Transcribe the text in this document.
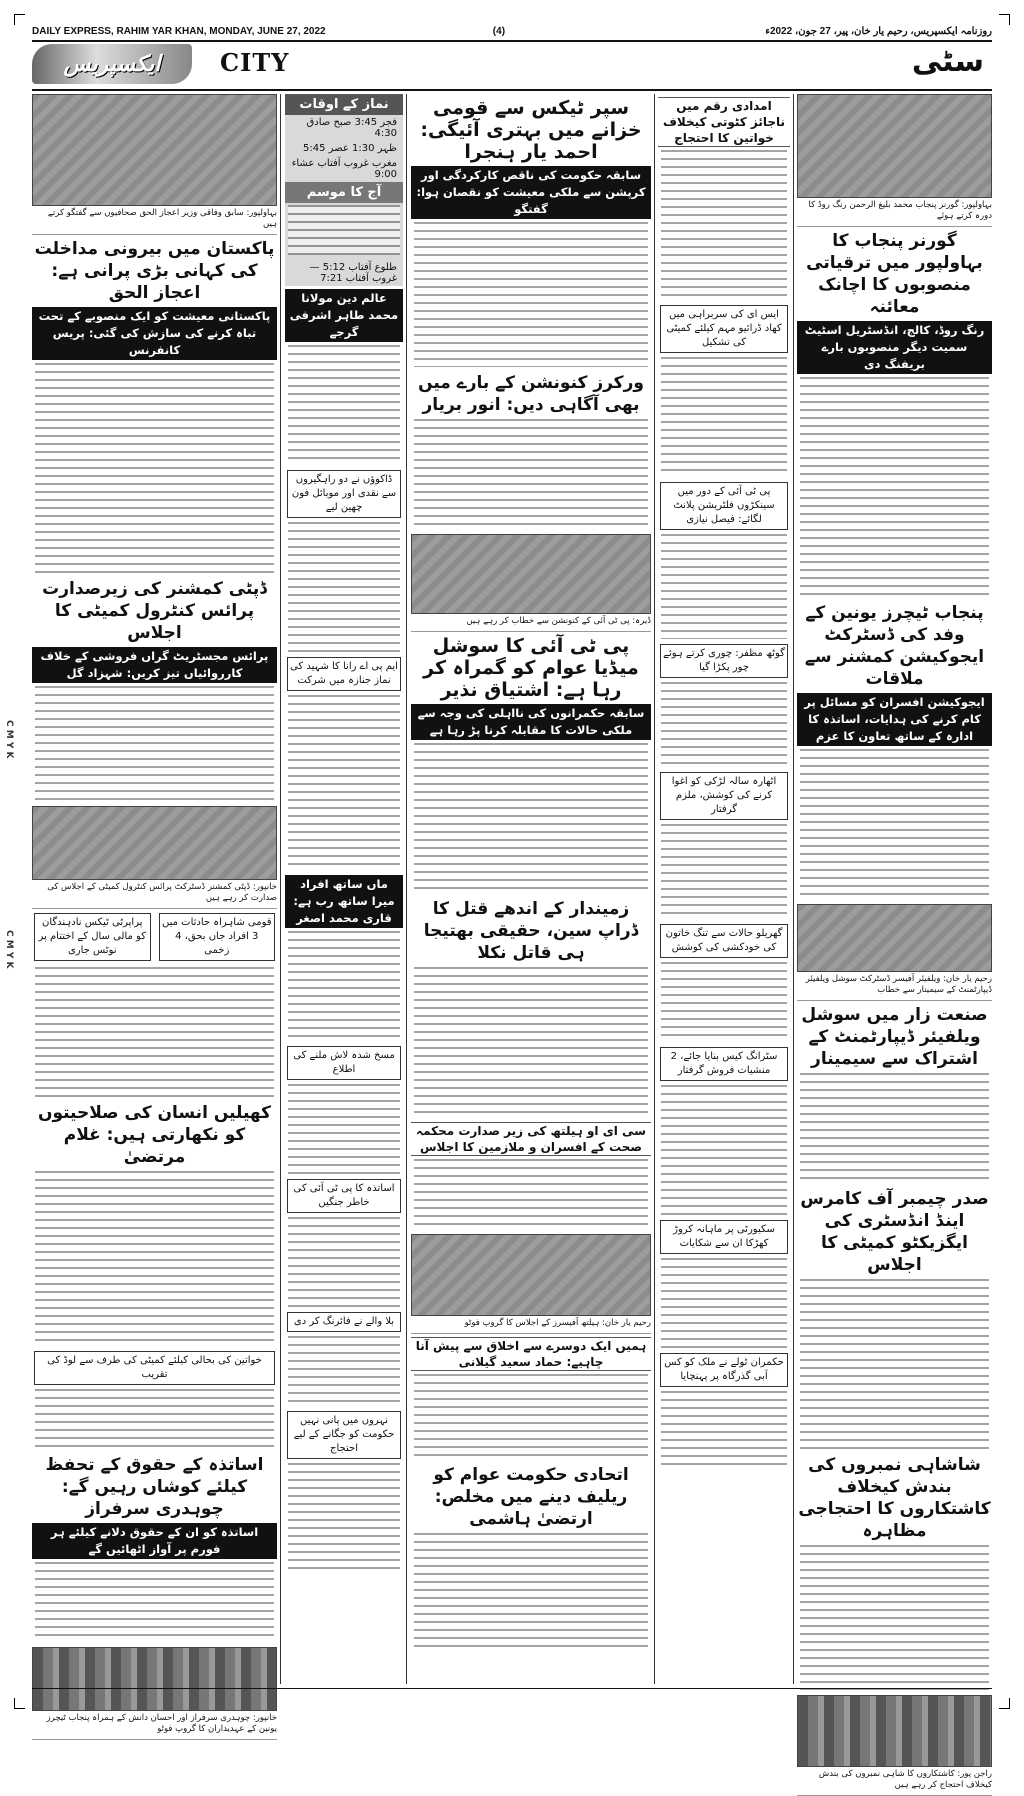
C M Y K
C M Y K
DAILY EXPRESS, RAHIM YAR KHAN, MONDAY, JUNE 27, 2022	(4)	روزنامہ ایکسپریس، رحیم یار خان، پیر، 27 جون، 2022ء
ایکسپریس CITY	سٹی
بہاولپور: گورنر پنجاب محمد بلیغ الرحمن رنگ روڈ کا دورہ کرتے ہوئے
گورنر پنجاب کا بہاولپور میں ترقیاتی منصوبوں کا اچانک معائنہ
رنگ روڈ، کالج، انڈسٹریل اسٹیٹ سمیت دیگر منصوبوں بارے بریفنگ دی
پنجاب ٹیچرز یونین کے وفد کی ڈسٹرکٹ ایجوکیشن کمشنر سے ملاقات
ایجوکیشن افسران کو مسائل پر کام کرنے کی ہدایات، اساتذہ کا ادارہ کے ساتھ تعاون کا عزم
رحیم یار خان: ویلفیئر آفیسر ڈسٹرکٹ سوشل ویلفیئر ڈیپارٹمنٹ کے سیمینار سے خطاب
صنعت زار میں سوشل ویلفیئر ڈیپارٹمنٹ کے اشتراک سے سیمینار
صدر چیمبر آف کامرس اینڈ انڈسٹری کی ایگزیکٹو کمیٹی کا اجلاس
شاشاہی نمبروں کی بندش کیخلاف کاشتکاروں کا احتجاجی مظاہرہ
راجن پور: کاشتکاروں کا شاہی نمبروں کی بندش کیخلاف احتجاج کر رہے ہیں
امدادی رقم میں ناجائز کٹوتی کیخلاف خواتین کا احتجاج
ایس ای کی سربراہی میں کھاد ڈرائیو مہم کیلئے کمیٹی کی تشکیل
پی ٹی آئی کے دور میں سینکڑوں فلٹریشن پلانٹ لگائے: فیصل نیازی
گوٹھ مظفر: چوری کرتے ہوئے چور پکڑا گیا
اٹھارہ سالہ لڑکی کو اغوا کرنے کی کوشش، ملزم گرفتار
گھریلو حالات سے تنگ خاتون کی خودکشی کی کوشش
سٹرانگ کیس بنایا جائے، 2 منشیات فروش گرفتار
سکیورٹی پر ماہانہ کروڑ کھڑکا ان سے شکایات
حکمران ٹولے نے ملک کو کس آبی گذرگاہ پر پہنچایا
سپر ٹیکس سے قومی خزانے میں بہتری آئیگی: احمد یار ہنجرا
سابقہ حکومت کی ناقص کارکردگی اور کرپشن سے ملکی معیشت کو نقصان ہوا: گفتگو
ورکرز کنونشن کے بارے میں بھی آگاہی دیں: انور بریار
ڈیرہ: پی ٹی آئی کے کنونشن سے خطاب کر رہے ہیں
پی ٹی آئی کا سوشل میڈیا عوام کو گمراہ کر رہا ہے: اشتیاق نذیر
سابقہ حکمرانوں کی نااہلی کی وجہ سے ملکی حالات کا مقابلہ کرنا پڑ رہا ہے
زمیندار کے اندھے قتل کا ڈراپ سین، حقیقی بھتیجا ہی قاتل نکلا
سی ای او ہیلتھ کی زیر صدارت محکمہ صحت کے افسران و ملازمین کا اجلاس
رحیم یار خان: ہیلتھ آفیسرز کے اجلاس کا گروپ فوٹو
ہمیں ایک دوسرے سے اخلاق سے پیش آنا چاہیے: حماد سعید گیلانی
اتحادی حکومت عوام کو ریلیف دینے میں مخلص: ارتضیٰ ہاشمی
نماز کے اوقات
فجر 3:45 صبح صادق 4:30
ظہر 1:30 عصر 5:45
مغرب غروب آفتاب عشاء 9:00
آج کا موسم
طلوع آفتاب 5:12 — غروب آفتاب 7:21
عالم دین مولانا محمد طاہر اشرفی گرجے
ڈاکوؤں نے دو راہگیروں سے نقدی اور موبائل فون چھین لیے
ایم پی اے رانا کا شہید کی نماز جنازہ میں شرکت
ماں ساتھ افراد میرا ساتھ رب ہے: قاری محمد اصغر
مسخ شدہ لاش ملنے کی اطلاع
اساتذہ کا پی ٹی آئی کی خاطر جنگیں
بلا والے نے فائرنگ کر دی
نہروں میں پانی نہیں حکومت کو جگانے کے لیے احتجاج
بہاولپور: سابق وفاقی وزیر اعجاز الحق صحافیوں سے گفتگو کرتے ہیں
پاکستان میں بیرونی مداخلت کی کہانی بڑی پرانی ہے: اعجاز الحق
پاکستانی معیشت کو ایک منصوبے کے تحت تباہ کرنے کی سازش کی گئی: پریس کانفرنس
ڈپٹی کمشنر کی زیرصدارت پرائس کنٹرول کمیٹی کا اجلاس
پرائس مجسٹریٹ گراں فروشی کے خلاف کارروائیاں تیز کریں: شہزاد گل
خانپور: ڈپٹی کمشنر ڈسٹرکٹ پرائس کنٹرول کمیٹی کے اجلاس کی صدارت کر رہے ہیں
قومی شاہراہ حادثات میں 3 افراد جاں بحق، 4 زخمی
پراپرٹی ٹیکس نادہندگان کو مالی سال کے اختتام پر نوٹس جاری
کھیلیں انسان کی صلاحیتوں کو نکھارتی ہیں: غلام مرتضیٰ
خواتین کی بحالی کیلئے کمیٹی کی طرف سے لوڈ کی تقریب
اساتذہ کے حقوق کے تحفظ کیلئے کوشاں رہیں گے: چوہدری سرفراز
اساتذہ کو ان کے حقوق دلانے کیلئے ہر فورم پر آواز اٹھائیں گے
خانپور: چوہدری سرفراز اور احسان دانش کے ہمراہ پنجاب ٹیچرز یونین کے عہدیداران کا گروپ فوٹو
